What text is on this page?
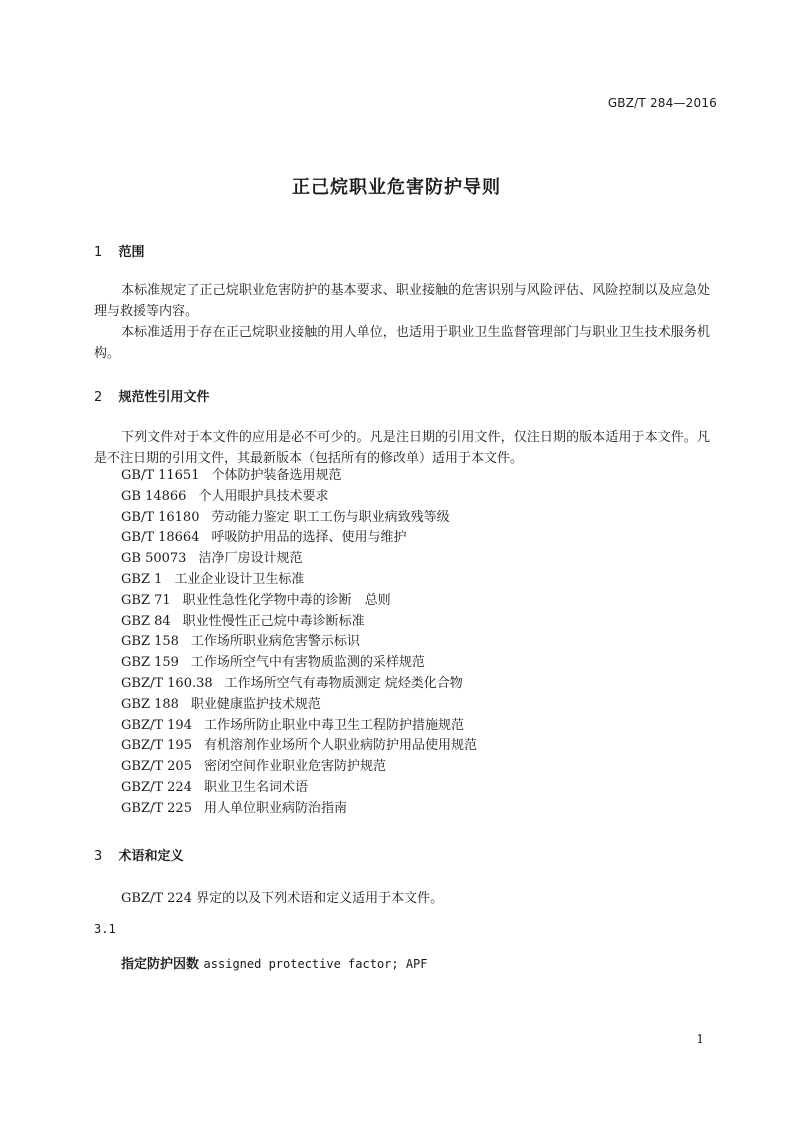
GBZ/T 284—2016
正己烷职业危害防护导则
1 范围
本标准规定了正己烷职业危害防护的基本要求、职业接触的危害识别与风险评估、风险控制以及应急处理与救援等内容。
本标准适用于存在正己烷职业接触的用人单位，也适用于职业卫生监督管理部门与职业卫生技术服务机构。
2 规范性引用文件
下列文件对于本文件的应用是必不可少的。凡是注日期的引用文件，仅注日期的版本适用于本文件。凡是不注日期的引用文件，其最新版本（包括所有的修改单）适用于本文件。
GB/T 11651 个体防护装备选用规范
GB 14866 个人用眼护具技术要求
GB/T 16180 劳动能力鉴定 职工工伤与职业病致残等级
GB/T 18664 呼吸防护用品的选择、使用与维护
GB 50073 洁净厂房设计规范
GBZ 1 工业企业设计卫生标准
GBZ 71 职业性急性化学物中毒的诊断　总则
GBZ 84 职业性慢性正己烷中毒诊断标准
GBZ 158 工作场所职业病危害警示标识
GBZ 159 工作场所空气中有害物质监测的采样规范
GBZ/T 160.38 工作场所空气有毒物质测定 烷烃类化合物
GBZ 188 职业健康监护技术规范
GBZ/T 194 工作场所防止职业中毒卫生工程防护措施规范
GBZ/T 195 有机溶剂作业场所个人职业病防护用品使用规范
GBZ/T 205 密闭空间作业职业危害防护规范
GBZ/T 224 职业卫生名词术语
GBZ/T 225 用人单位职业病防治指南
3 术语和定义
GBZ/T 224 界定的以及下列术语和定义适用于本文件。
3.1
指定防护因数 assigned protective factor; APF
1
